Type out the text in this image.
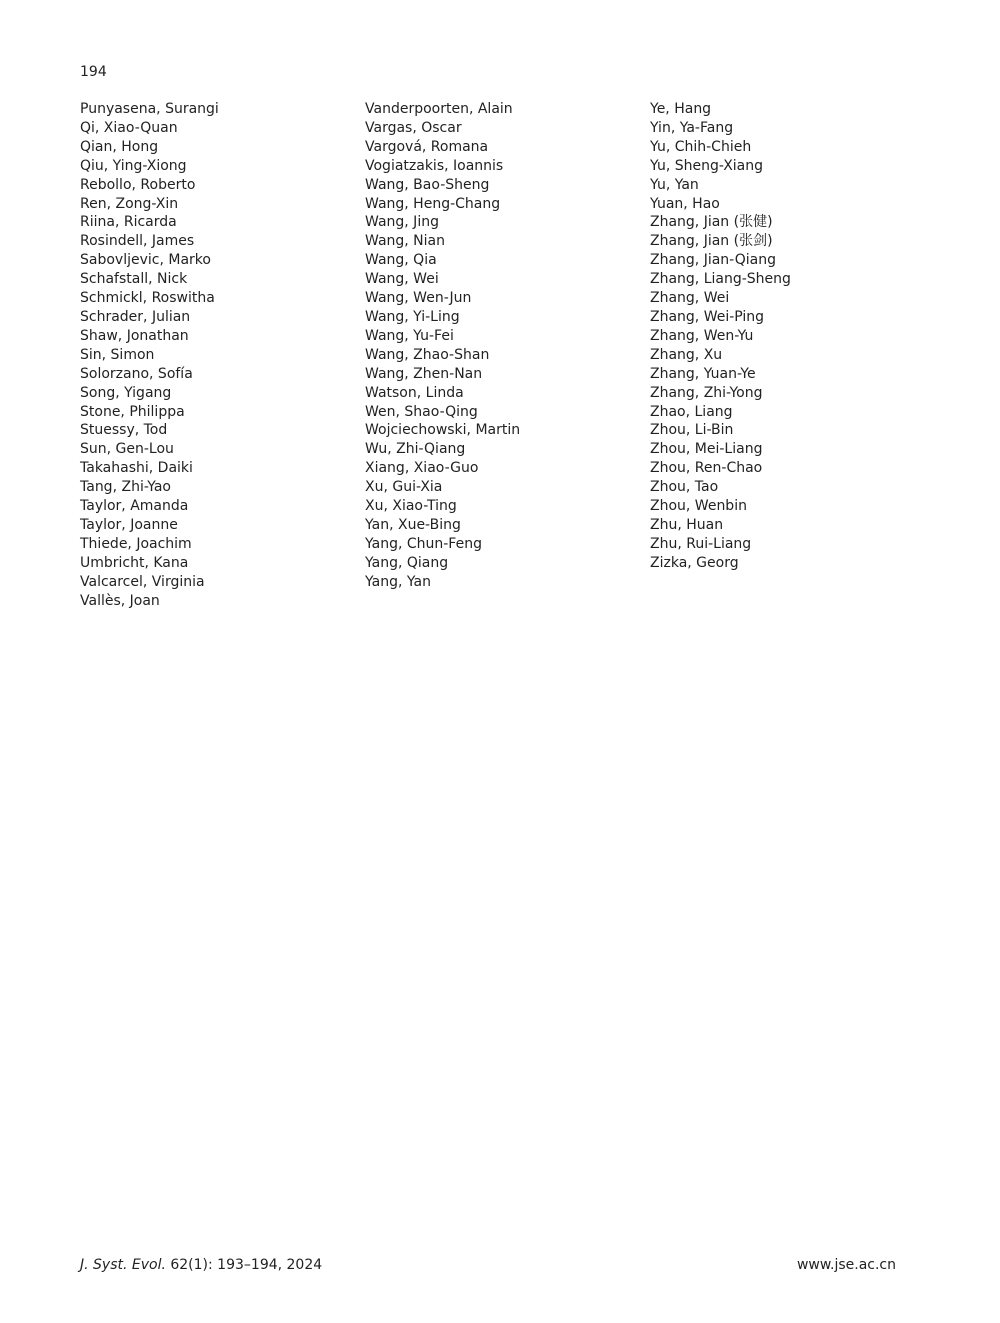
194
Punyasena, Surangi
Qi, Xiao-Quan
Qian, Hong
Qiu, Ying-Xiong
Rebollo, Roberto
Ren, Zong-Xin
Riina, Ricarda
Rosindell, James
Sabovljevic, Marko
Schafstall, Nick
Schmickl, Roswitha
Schrader, Julian
Shaw, Jonathan
Sin, Simon
Solorzano, Sofía
Song, Yigang
Stone, Philippa
Stuessy, Tod
Sun, Gen-Lou
Takahashi, Daiki
Tang, Zhi-Yao
Taylor, Amanda
Taylor, Joanne
Thiede, Joachim
Umbricht, Kana
Valcarcel, Virginia
Vallès, Joan
Vanderpoorten, Alain
Vargas, Oscar
Vargová, Romana
Vogiatzakis, Ioannis
Wang, Bao-Sheng
Wang, Heng-Chang
Wang, Jing
Wang, Nian
Wang, Qia
Wang, Wei
Wang, Wen-Jun
Wang, Yi-Ling
Wang, Yu-Fei
Wang, Zhao-Shan
Wang, Zhen-Nan
Watson, Linda
Wen, Shao-Qing
Wojciechowski, Martin
Wu, Zhi-Qiang
Xiang, Xiao-Guo
Xu, Gui-Xia
Xu, Xiao-Ting
Yan, Xue-Bing
Yang, Chun-Feng
Yang, Qiang
Yang, Yan
Ye, Hang
Yin, Ya-Fang
Yu, Chih-Chieh
Yu, Sheng-Xiang
Yu, Yan
Yuan, Hao
Zhang, Jian (张健)
Zhang, Jian (张剑)
Zhang, Jian-Qiang
Zhang, Liang-Sheng
Zhang, Wei
Zhang, Wei-Ping
Zhang, Wen-Yu
Zhang, Xu
Zhang, Yuan-Ye
Zhang, Zhi-Yong
Zhao, Liang
Zhou, Li-Bin
Zhou, Mei-Liang
Zhou, Ren-Chao
Zhou, Tao
Zhou, Wenbin
Zhu, Huan
Zhu, Rui-Liang
Zizka, Georg
J. Syst. Evol. 62(1): 193–194, 2024	www.jse.ac.cn
